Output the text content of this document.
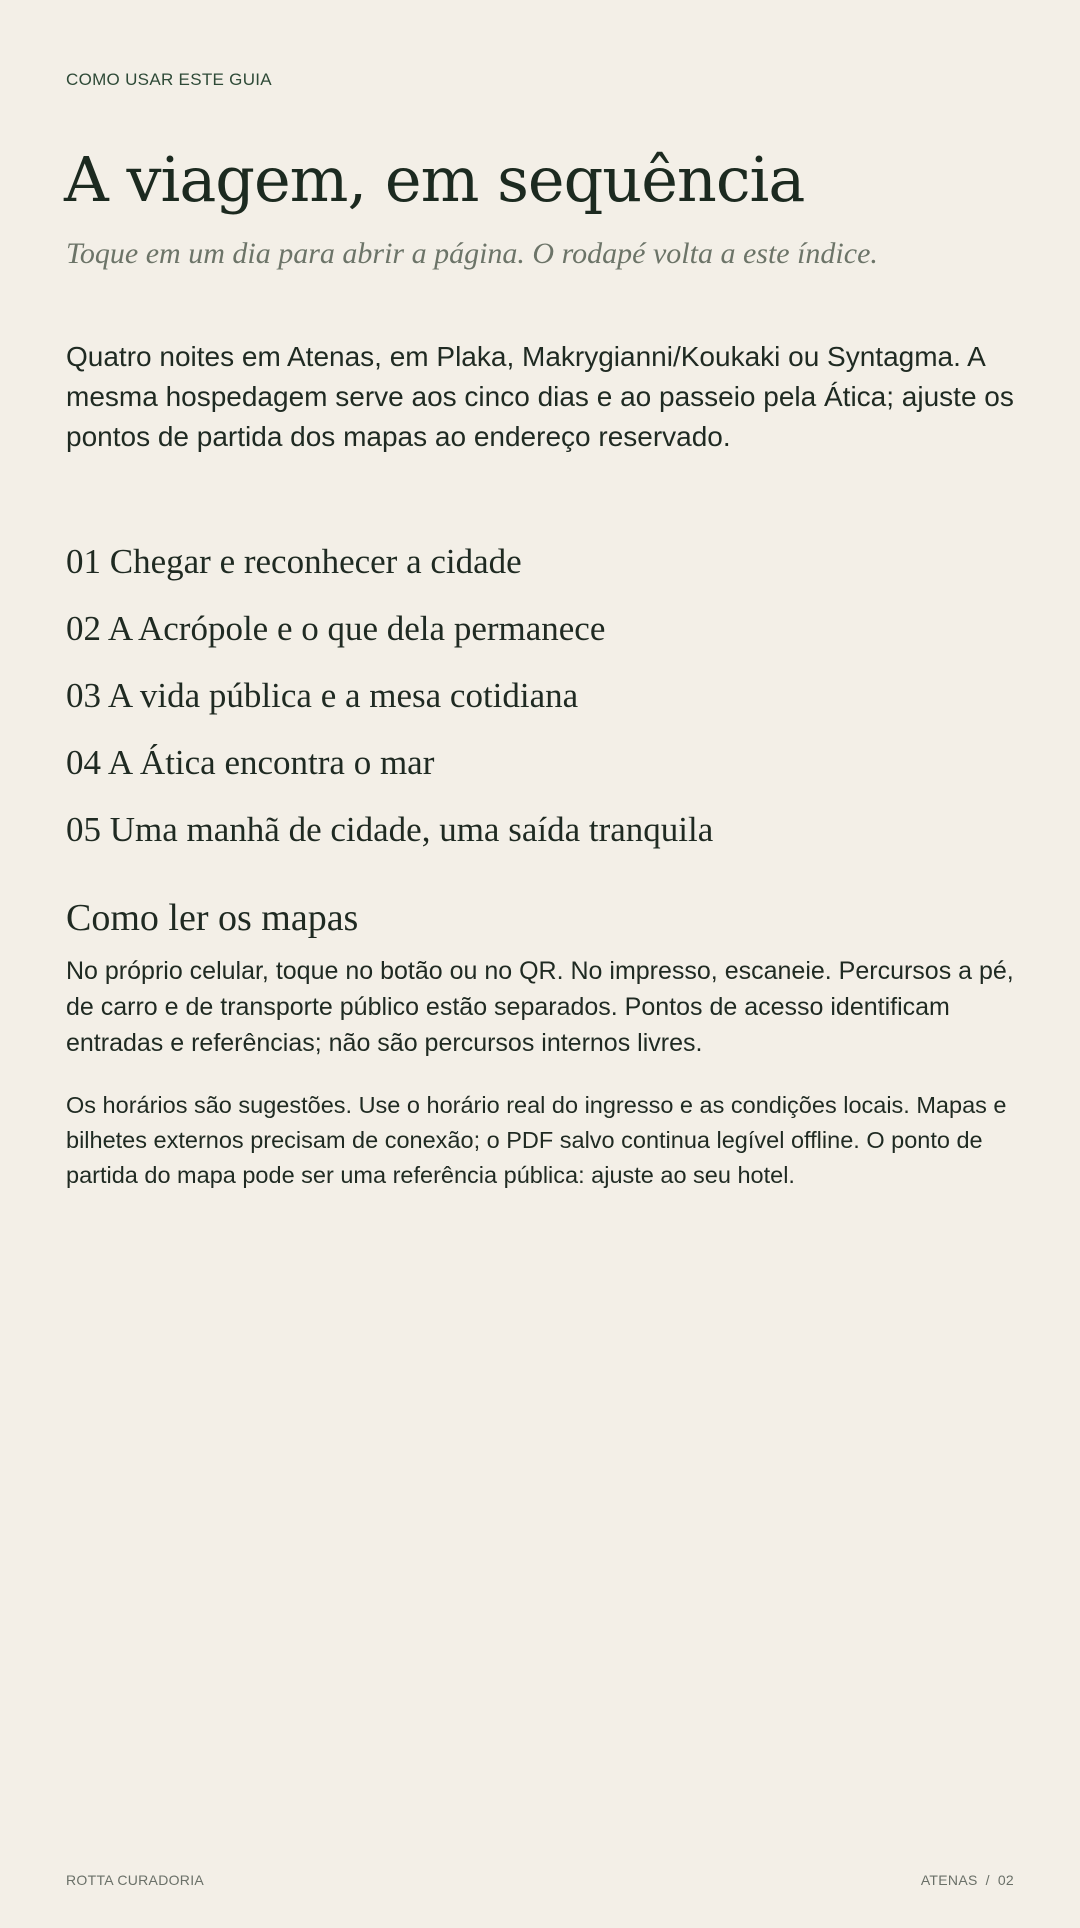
COMO USAR ESTE GUIA
A viagem, em sequência
Toque em um dia para abrir a página. O rodapé volta a este índice.

Quatro noites em Atenas, em Plaka, Makrygianni/Koukaki ou Syntagma. A mesma hospedagem serve aos cinco dias e ao passeio pela Ática; ajuste os pontos de partida dos mapas ao endereço reservado.

01 Chegar e reconhecer a cidade
02 A Acrópole e o que dela permanece
03 A vida pública e a mesa cotidiana
04 A Ática encontra o mar
05 Uma manhã de cidade, uma saída tranquila
Como ler os mapas

No próprio celular, toque no botão ou no QR. No impresso, escaneie. Percursos a pé, de carro e de transporte público estão separados. Pontos de acesso identificam entradas e referências; não são percursos internos livres.

Os horários são sugestões. Use o horário real do ingresso e as condições locais. Mapas e bilhetes externos precisam de conexão; o PDF salvo continua legível offline. O ponto de partida do mapa pode ser uma referência pública: ajuste ao seu hotel.

ROTTA CURADORIA	ATENAS / 02
